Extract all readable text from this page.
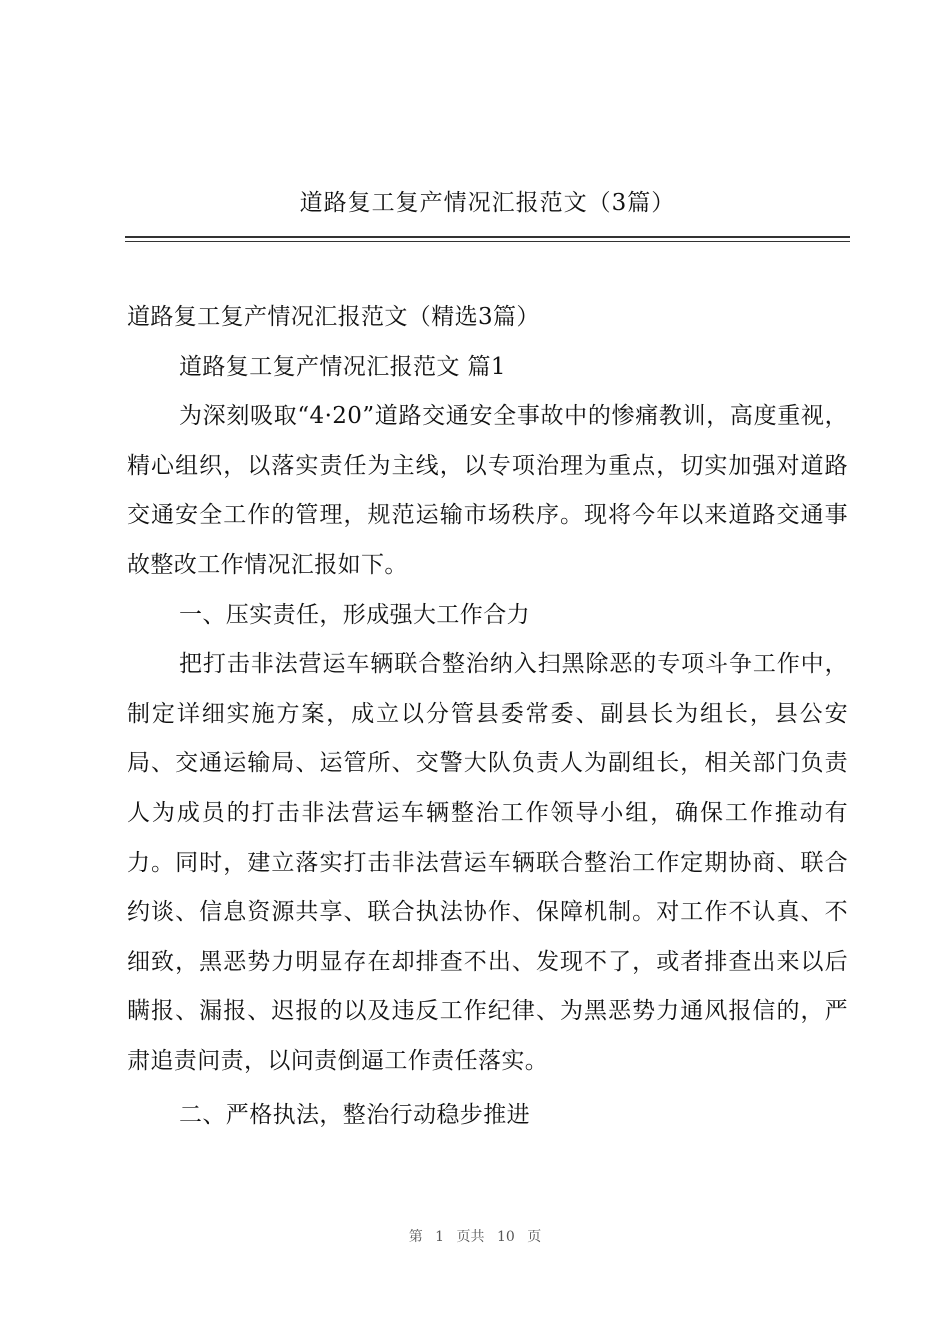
道路复工复产情况汇报范文（3篇）

道路复工复产情况汇报范文（精选3篇）

道路复工复产情况汇报范文 篇1

为深刻吸取“4·20”道路交通安全事故中的惨痛教训，高度重视，精心组织，以落实责任为主线，以专项治理为重点，切实加强对道路交通安全工作的管理，规范运输市场秩序。现将今年以来道路交通事故整改工作情况汇报如下。

一、压实责任，形成强大工作合力

把打击非法营运车辆联合整治纳入扫黑除恶的专项斗争工作中，制定详细实施方案，成立以分管县委常委、副县长为组长，县公安局、交通运输局、运管所、交警大队负责人为副组长，相关部门负责人为成员的打击非法营运车辆整治工作领导小组，确保工作推动有力。同时，建立落实打击非法营运车辆联合整治工作定期协商、联合约谈、信息资源共享、联合执法协作、保障机制。对工作不认真、不细致，黑恶势力明显存在却排查不出、发现不了，或者排查出来以后瞒报、漏报、迟报的以及违反工作纪律、为黑恶势力通风报信的，严肃追责问责，以问责倒逼工作责任落实。

二、严格执法，整治行动稳步推进

第 1 页共 10 页
